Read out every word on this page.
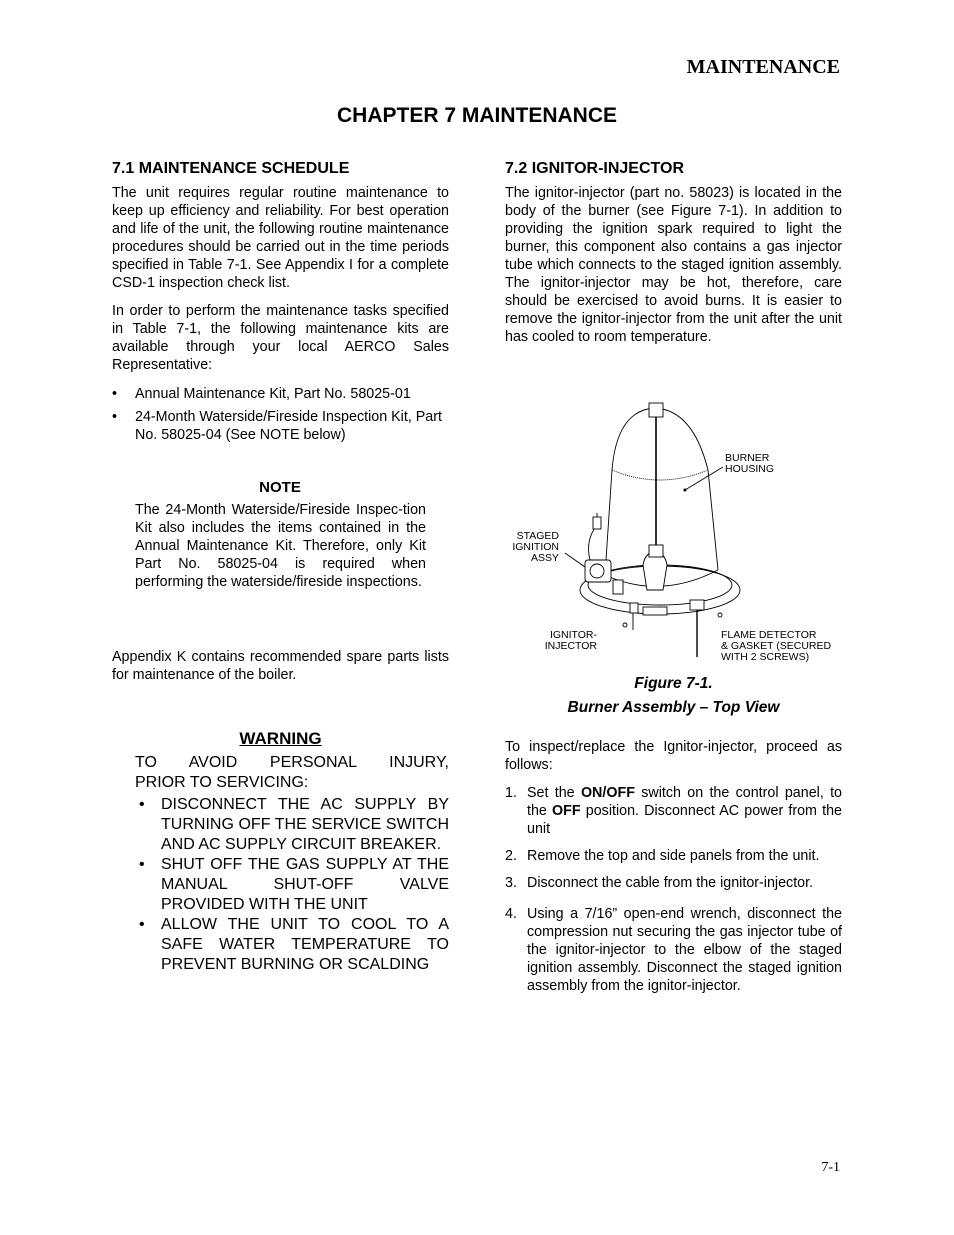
MAINTENANCE
CHAPTER 7 MAINTENANCE
7.1 MAINTENANCE SCHEDULE

The unit requires regular routine maintenance to keep up efficiency and reliability. For best operation and life of the unit, the following routine maintenance procedures should be carried out in the time periods specified in Table 7-1. See Appendix I for a complete CSD-1 inspection check list.

In order to perform the maintenance tasks specified in Table 7-1, the following maintenance kits are available through your local AERCO Sales Representative:

• Annual Maintenance Kit, Part No. 58025-01
• 24-Month Waterside/Fireside Inspection Kit, Part No. 58025-04 (See NOTE below)
NOTE
The 24-Month Waterside/Fireside Inspec-tion Kit also includes the items contained in the Annual Maintenance Kit. Therefore, only Kit Part No. 58025-04 is required when performing the waterside/fireside inspections.

Appendix K contains recommended spare parts lists for maintenance of the boiler.

WARNING
TO AVOID PERSONAL INJURY,
PRIOR TO SERVICING:
• DISCONNECT THE AC SUPPLY BY TURNING OFF THE SERVICE SWITCH AND AC SUPPLY CIRCUIT BREAKER.
• SHUT OFF THE GAS SUPPLY AT THE MANUAL SHUT-OFF VALVE PROVIDED WITH THE UNIT
• ALLOW THE UNIT TO COOL TO A SAFE WATER TEMPERATURE TO PREVENT BURNING OR SCALDING
7.2 IGNITOR-INJECTOR

The ignitor-injector (part no. 58023) is located in the body of the burner (see Figure 7-1). In addition to providing the ignition spark required to light the burner, this component also contains a gas injector tube which connects to the staged ignition assembly. The ignitor-injector may be hot, therefore, care should be exercised to avoid burns. It is easier to remove the ignitor-injector from the unit after the unit has cooled to room temperature.

BURNER
HOUSING
STAGED
IGNITION
ASSY
IGNITOR-
INJECTOR
FLAME DETECTOR
& GASKET (SECURED
WITH 2 SCREWS)
Figure 7-1.
Burner Assembly – Top View

To inspect/replace the Ignitor-injector, proceed as follows:

1. Set the ON/OFF switch on the control panel, to the OFF position. Disconnect AC power from the unit
2. Remove the top and side panels from the unit.
3. Disconnect the cable from the ignitor-injector.
4. Using a 7/16” open-end wrench, disconnect the compression nut securing the gas injector tube of the ignitor-injector to the elbow of the staged ignition assembly. Disconnect the staged ignition assembly from the ignitor-injector.
7-1
